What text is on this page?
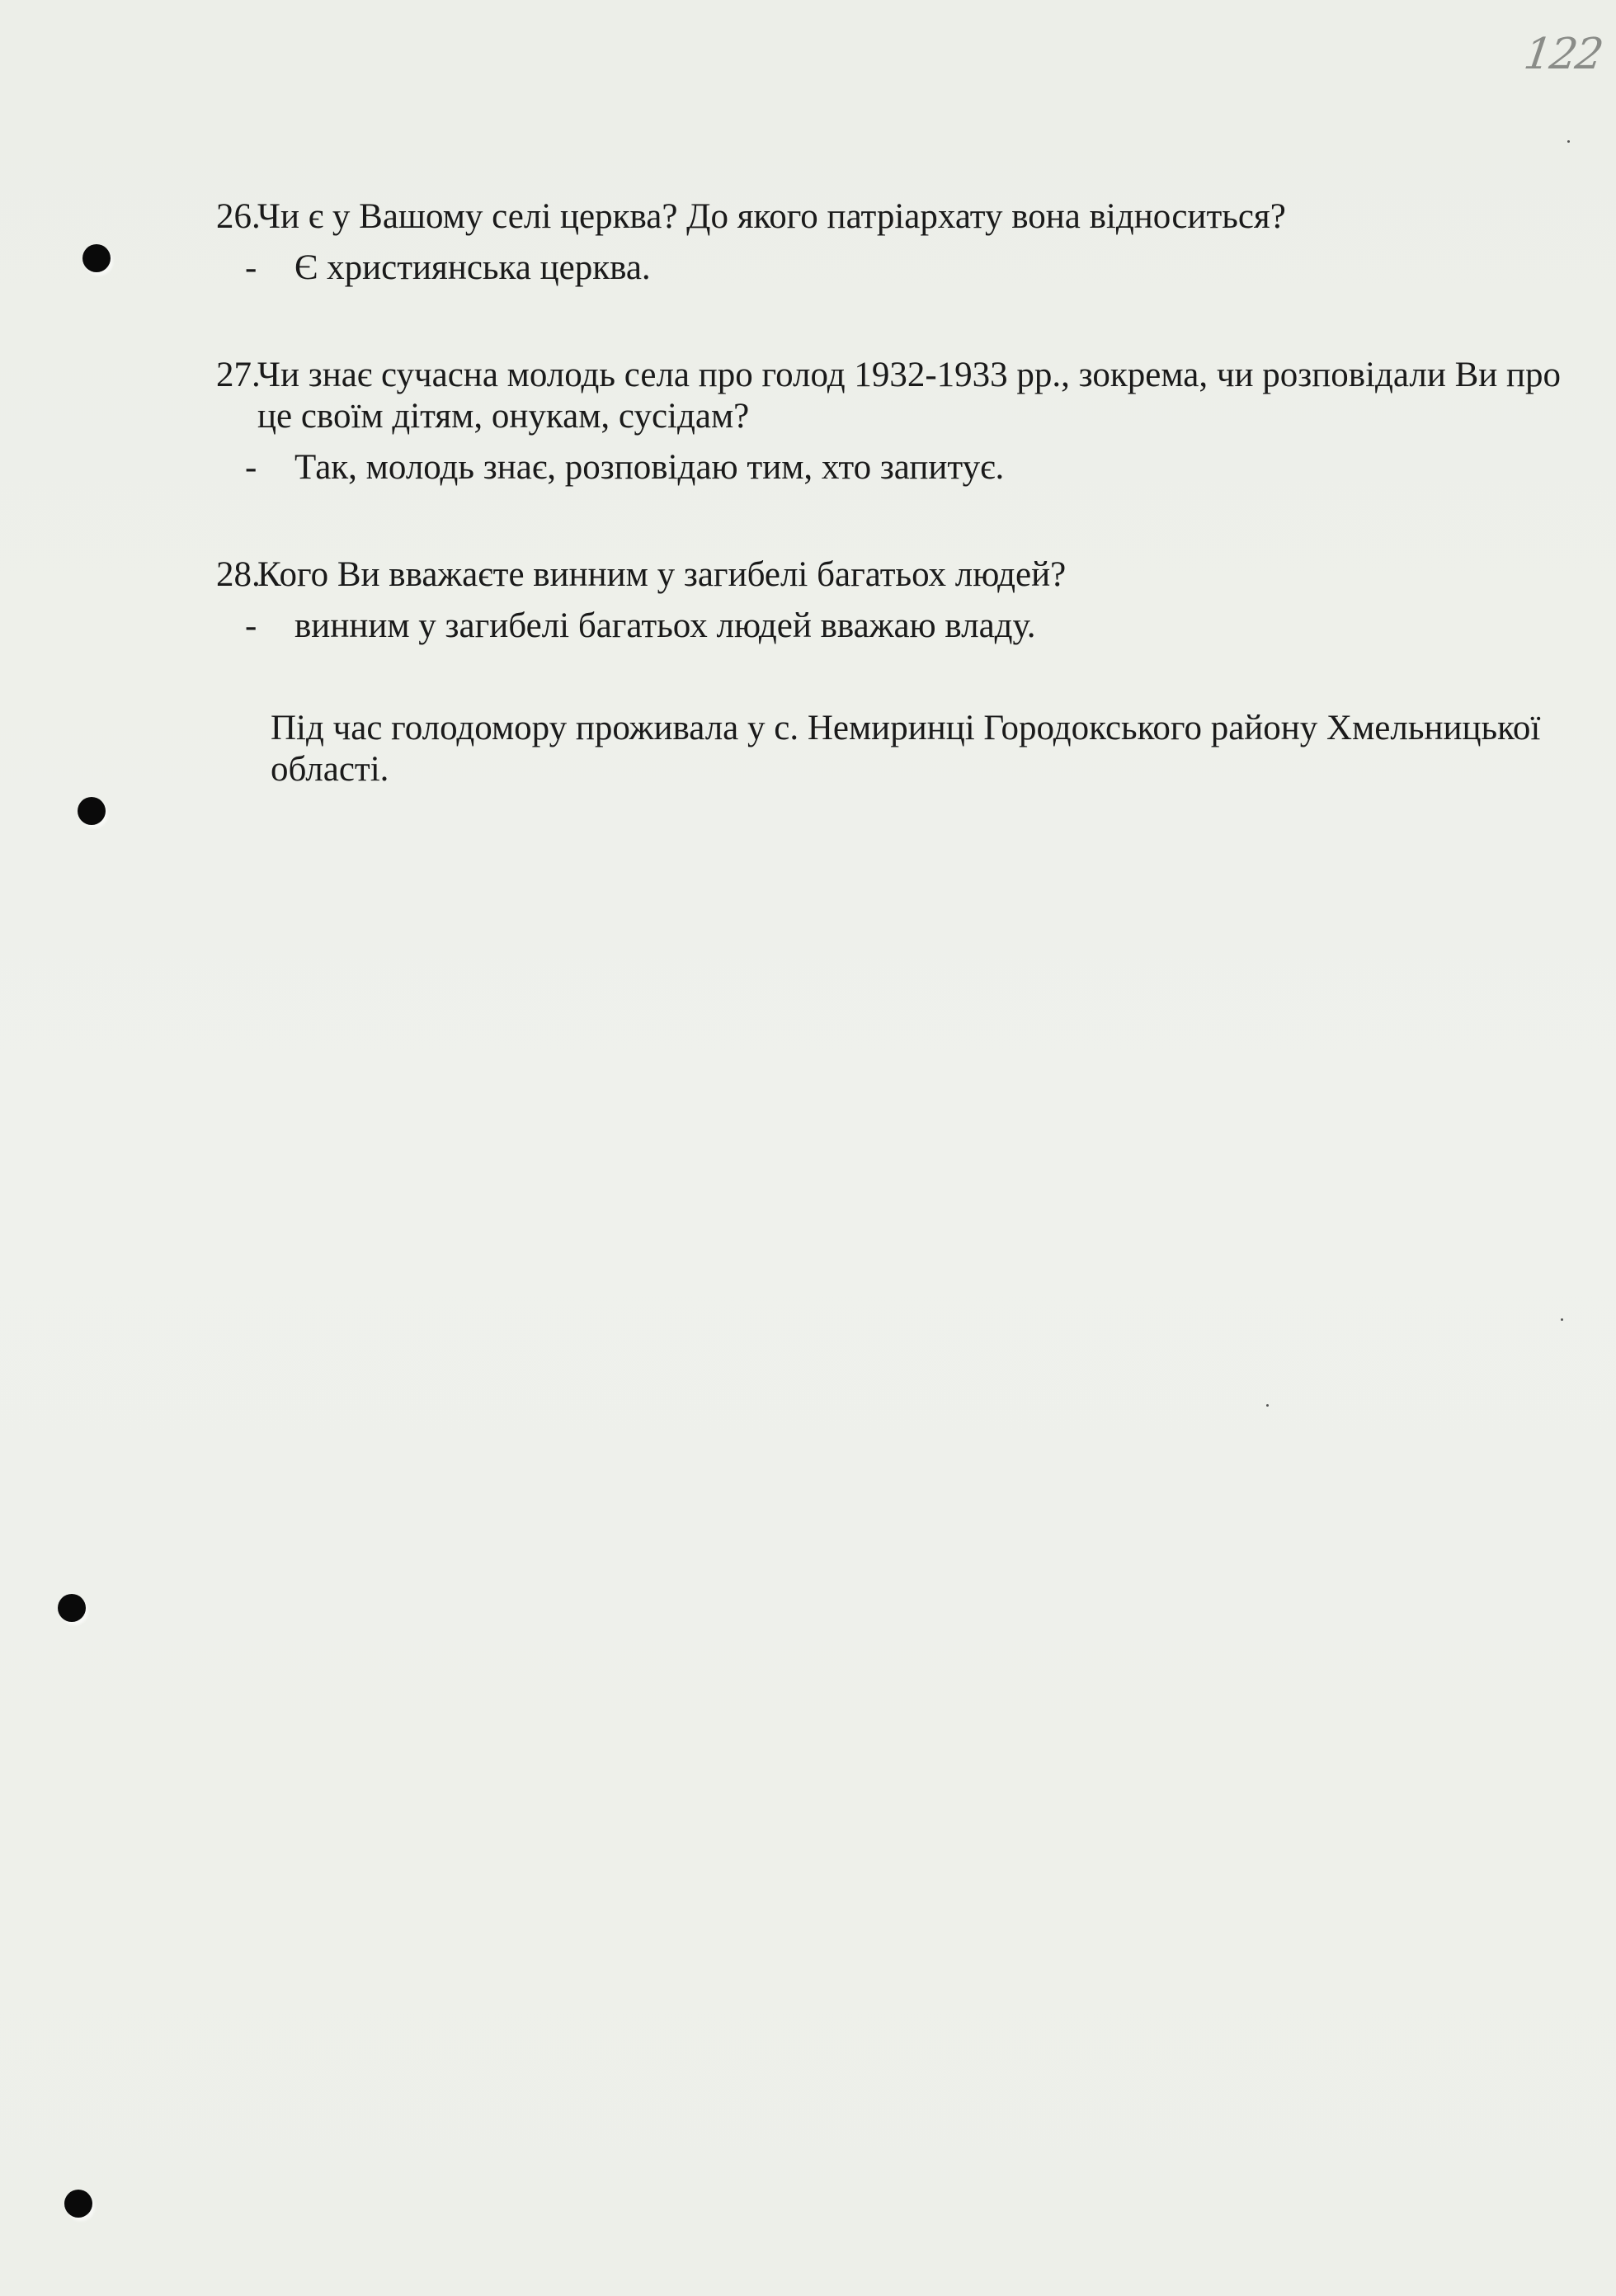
122
26.
Чи є у Вашому селі церква? До якого патріархату вона відноситься?
- Є християнська церква.
27.
Чи знає сучасна молодь села про голод 1932-1933 рр., зокрема, чи розповідали Ви про це своїм дітям, онукам, сусідам?
- Так, молодь знає, розповідаю тим, хто запитує.
28.
Кого Ви вважаєте винним у загибелі багатьох людей?
- винним у загибелі багатьох людей вважаю владу.
Під час голодомору проживала у с. Немиринці Городокського району Хмельницької області.
